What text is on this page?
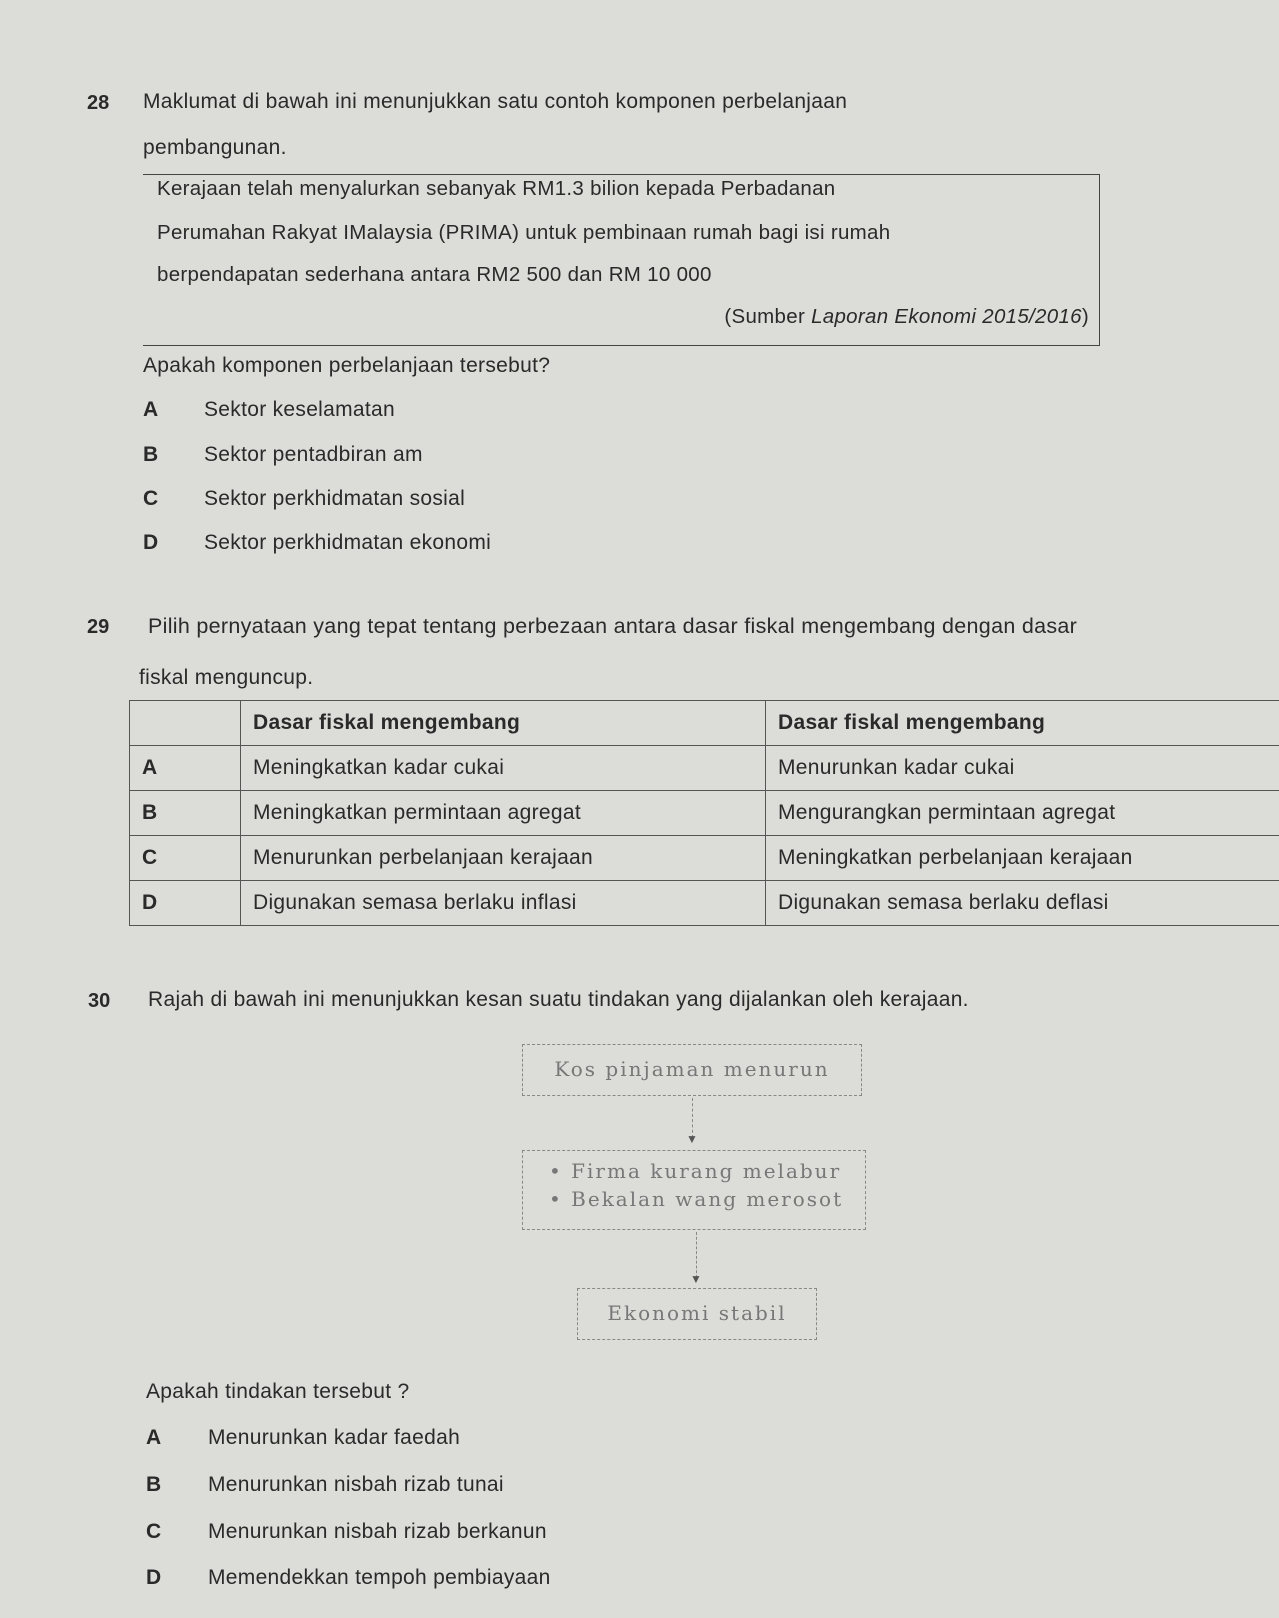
28 Maklumat di bawah ini menunjukkan satu contoh komponen perbelanjaan
pembangunan.
Kerajaan telah menyalurkan sebanyak RM1.3 bilion kepada Perbadanan
Perumahan Rakyat IMalaysia (PRIMA) untuk pembinaan rumah bagi isi rumah
berpendapatan sederhana antara RM2 500 dan RM 10 000
(Sumber Laporan Ekonomi 2015/2016)
Apakah komponen perbelanjaan tersebut?
A Sektor keselamatan
B Sektor pentadbiran am
C Sektor perkhidmatan sosial
D Sektor perkhidmatan ekonomi
29 Pilih pernyataan yang tepat tentang perbezaan antara dasar fiskal mengembang dengan dasar
fiskal menguncup.
	Dasar fiskal mengembang	Dasar fiskal mengembang
A	Meningkatkan kadar cukai	Menurunkan kadar cukai
B	Meningkatkan permintaan agregat	Mengurangkan permintaan agregat
C	Menurunkan perbelanjaan kerajaan	Meningkatkan perbelanjaan kerajaan
D	Digunakan semasa berlaku inflasi	Digunakan semasa berlaku deflasi
30 Rajah di bawah ini menunjukkan kesan suatu tindakan yang dijalankan oleh kerajaan.
Kos pinjaman menurun
▼
• Firma kurang melabur
• Bekalan wang merosot
▼
Ekonomi stabil
Apakah tindakan tersebut ?
A Menurunkan kadar faedah
B Menurunkan nisbah rizab tunai
C Menurunkan nisbah rizab berkanun
D Memendekkan tempoh pembiayaan
